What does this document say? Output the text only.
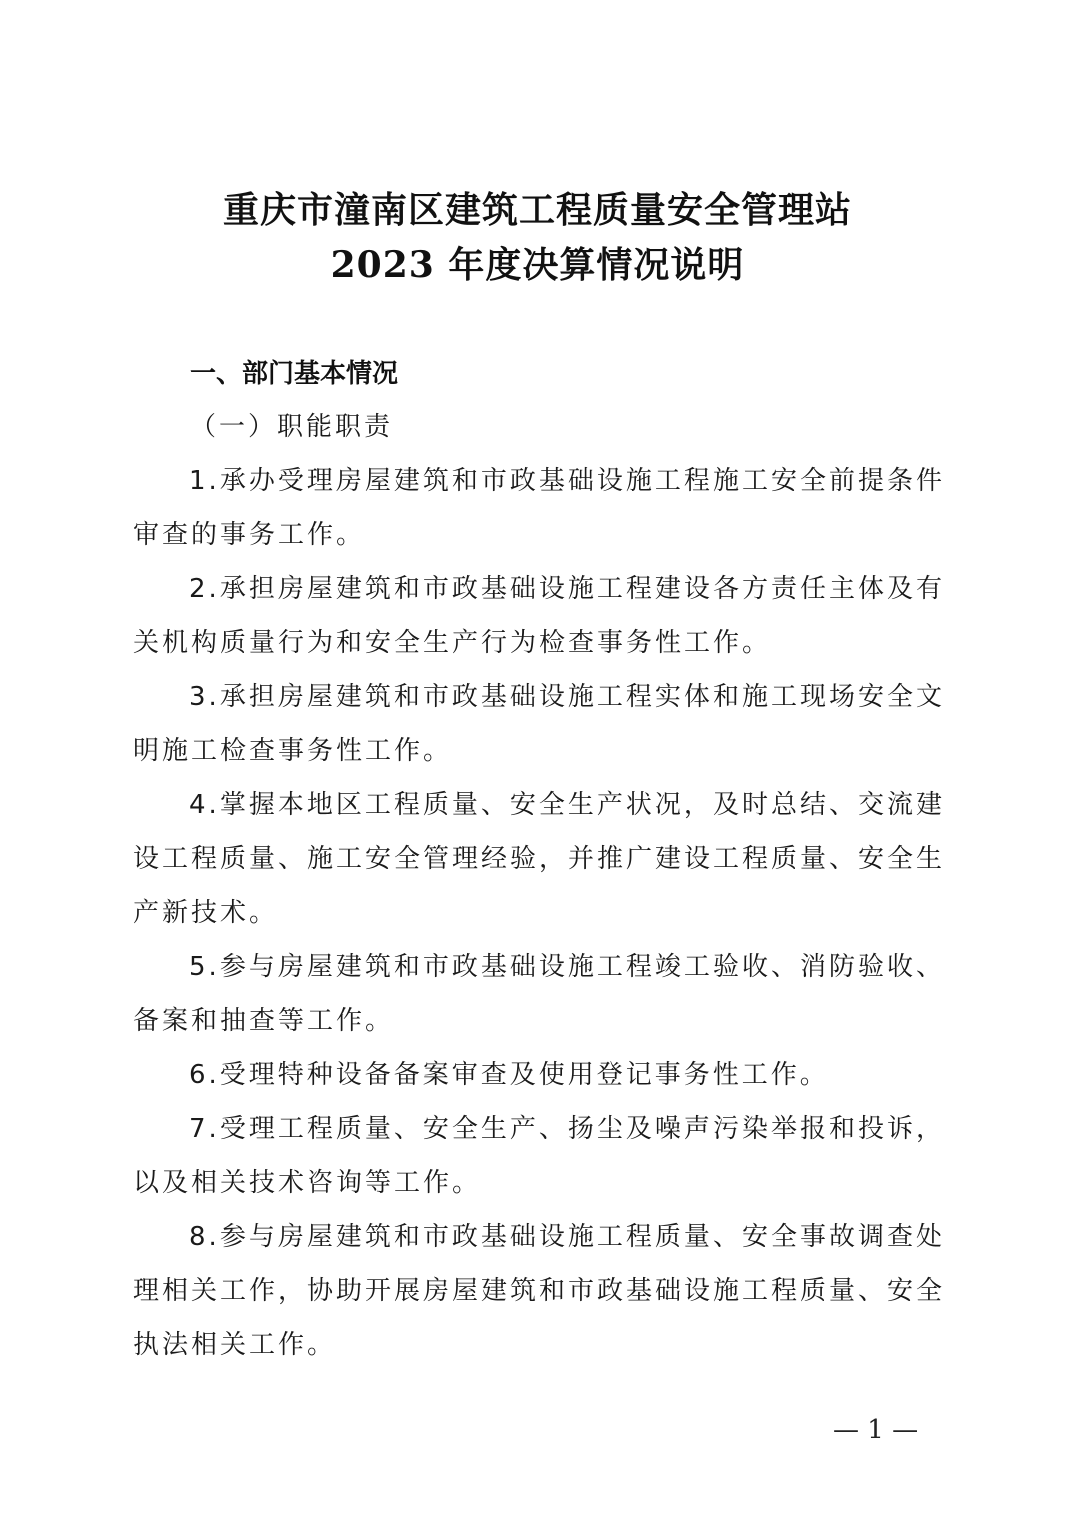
重庆市潼南区建筑工程质量安全管理站
2023 年度决算情况说明
一、部门基本情况
（一）职能职责

1.承办受理房屋建筑和市政基础设施工程施工安全前提条件审查的事务工作。

2.承担房屋建筑和市政基础设施工程建设各方责任主体及有关机构质量行为和安全生产行为检查事务性工作。

3.承担房屋建筑和市政基础设施工程实体和施工现场安全文明施工检查事务性工作。

4.掌握本地区工程质量、安全生产状况，及时总结、交流建设工程质量、施工安全管理经验，并推广建设工程质量、安全生产新技术。

5.参与房屋建筑和市政基础设施工程竣工验收、消防验收、备案和抽查等工作。

6.受理特种设备备案审查及使用登记事务性工作。

7.受理工程质量、安全生产、扬尘及噪声污染举报和投诉，以及相关技术咨询等工作。

8.参与房屋建筑和市政基础设施工程质量、安全事故调查处理相关工作，协助开展房屋建筑和市政基础设施工程质量、安全执法相关工作。

— 1 —
